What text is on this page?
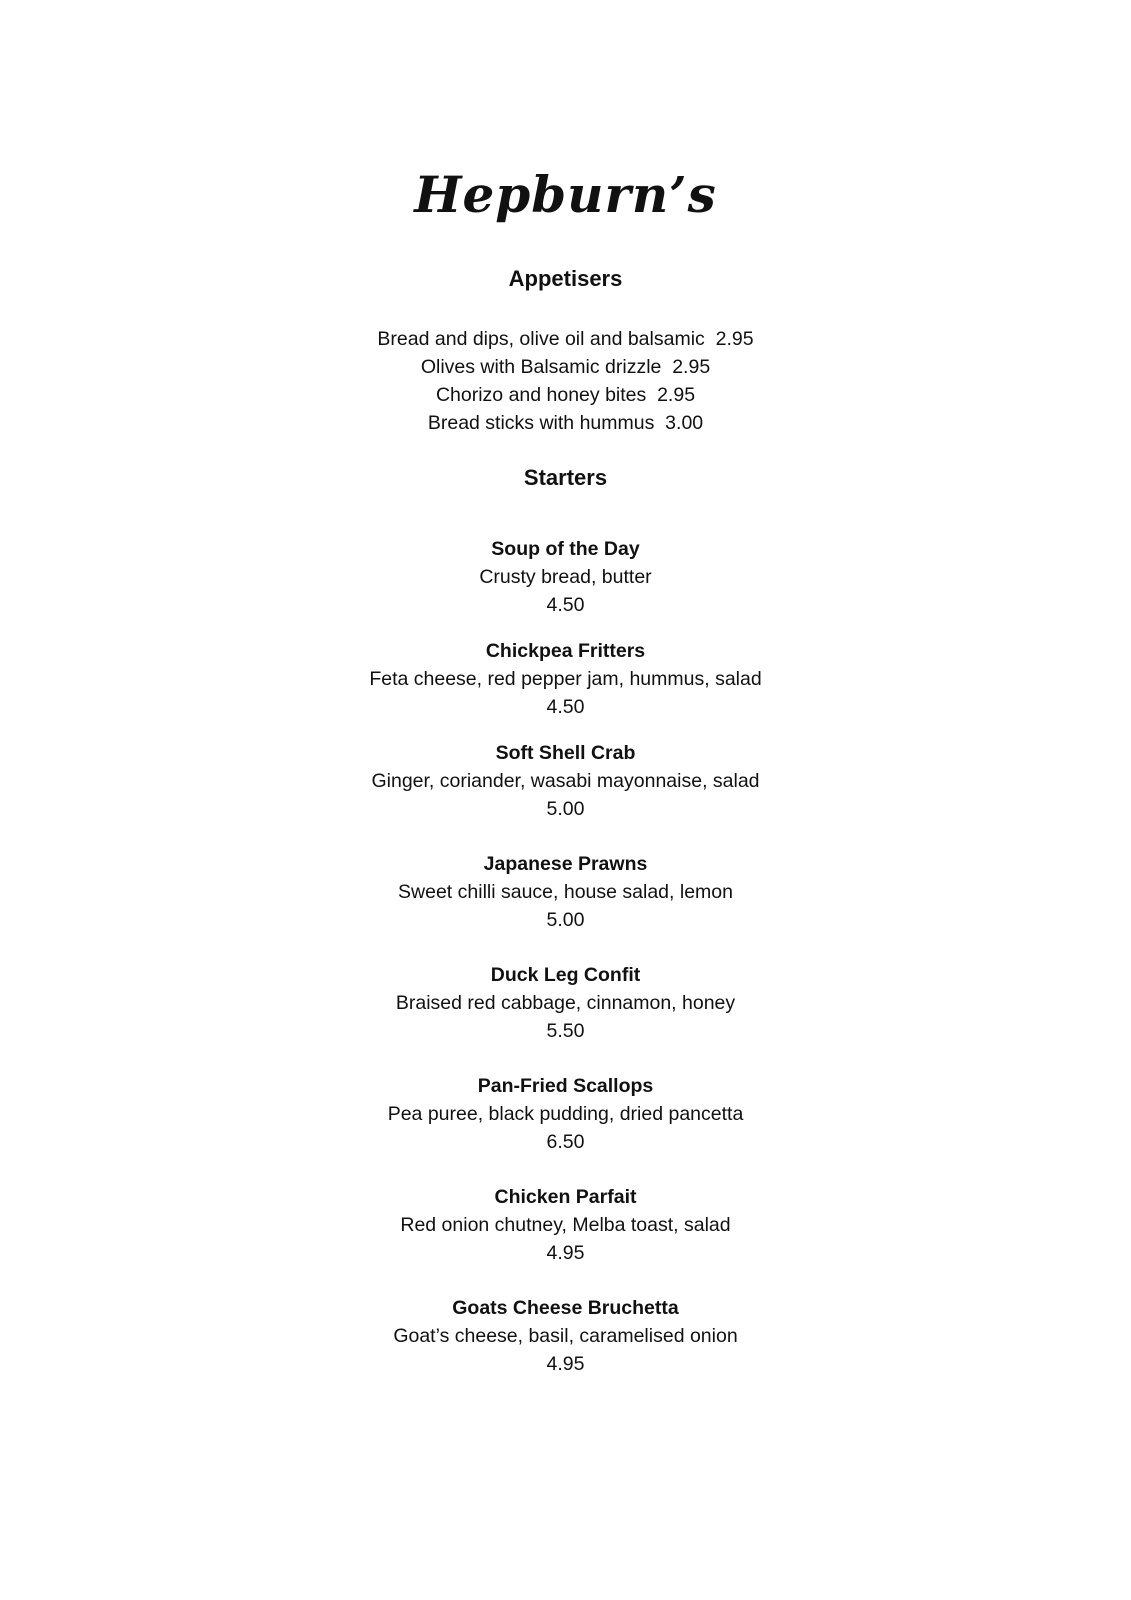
Hepburn’s
Appetisers
Bread and dips, olive oil and balsamic  2.95
Olives with Balsamic drizzle  2.95
Chorizo and honey bites  2.95
Bread sticks with hummus  3.00
Starters
Soup of the Day
Crusty bread, butter
4.50
Chickpea Fritters
Feta cheese, red pepper jam, hummus, salad
4.50
Soft Shell Crab
Ginger, coriander, wasabi mayonnaise, salad
5.00
Japanese Prawns
Sweet chilli sauce, house salad, lemon
5.00
Duck Leg Confit
Braised red cabbage, cinnamon, honey
5.50
Pan-Fried Scallops
Pea puree, black pudding, dried pancetta
6.50
Chicken Parfait
Red onion chutney, Melba toast, salad
4.95
Goats Cheese Bruchetta
Goat’s cheese, basil, caramelised onion
4.95
